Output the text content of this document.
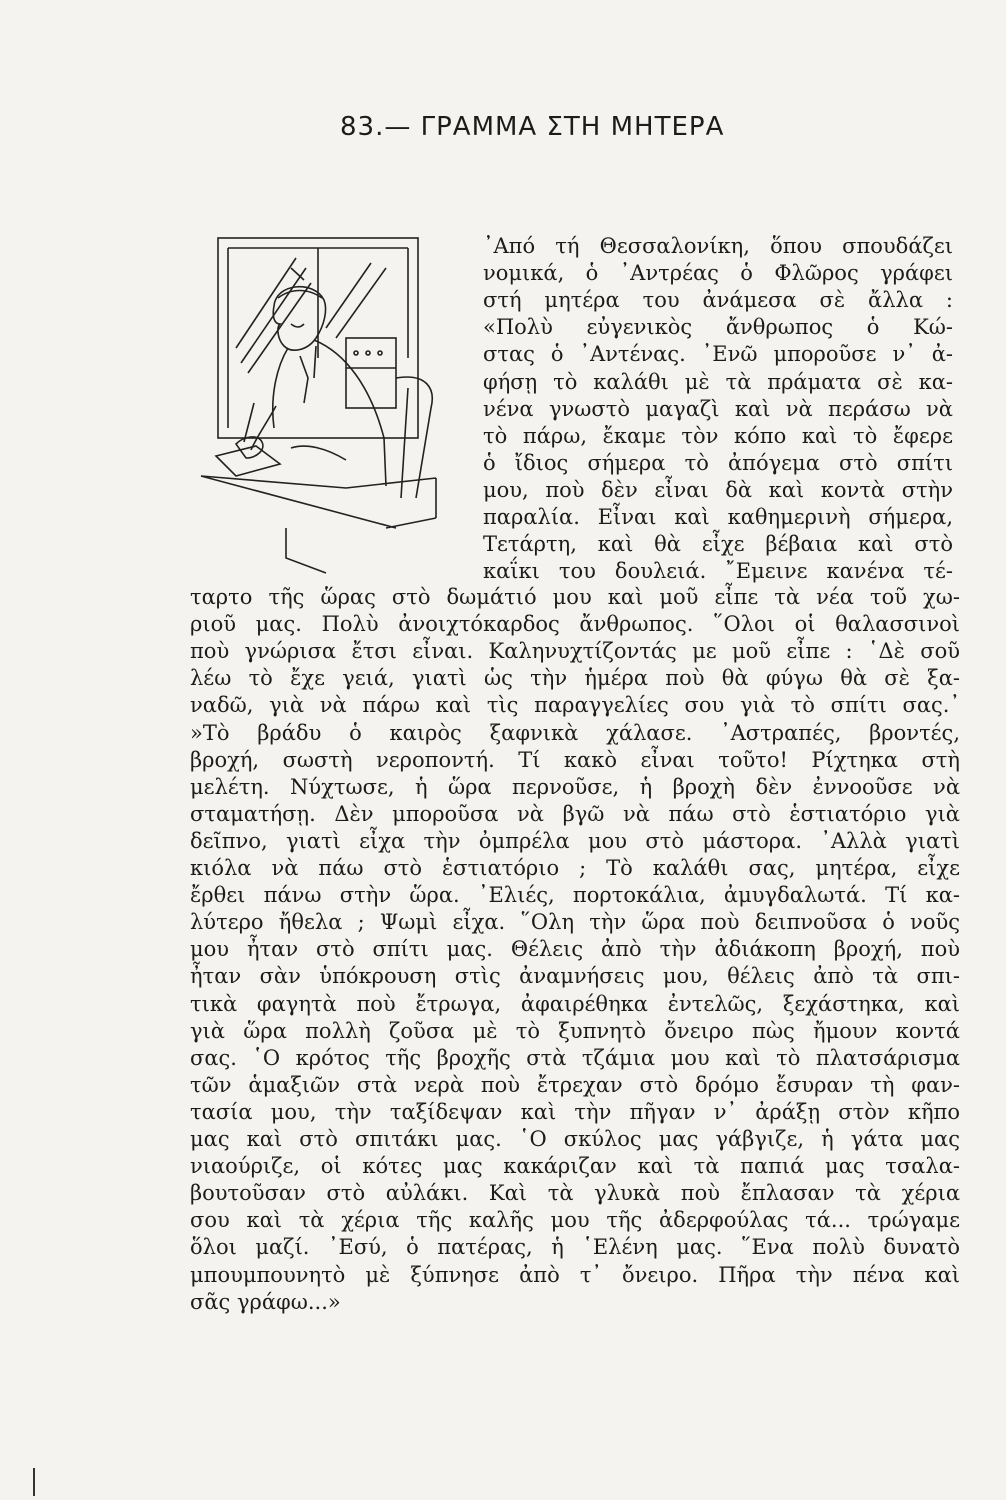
83.— ΓΡΑΜΜΑ ΣΤΗ ΜΗΤΕΡΑ
᾿Από τή Θεσσαλονίκη, ὅπου σπουδάζει
νομικά, ὁ ᾿Αντρέας ὁ Φλῶρος γράφει
στή μητέρα του ἀνάμεσα σὲ ἄλλα :
«Πολὺ εὐγενικὸς ἄνθρωπος ὁ Κώ-
στας ὁ ᾿Αντένας. ᾿Ενῶ μποροῦσε ν᾿ ἀ-
φήσῃ τὸ καλάθι μὲ τὰ πράματα σὲ κα-
νένα γνωστὸ μαγαζὶ καὶ νὰ περάσω νὰ
τὸ πάρω, ἔκαμε τὸν κόπο καὶ τὸ ἔφερε
ὁ ἴδιος σήμερα τὸ ἀπόγεμα στὸ σπίτι
μου, ποὺ δὲν εἶναι δὰ καὶ κοντὰ στὴν
παραλία. Εἶναι καὶ καθημερινὴ σήμερα,
Τετάρτη, καὶ θὰ εἶχε βέβαια καὶ στὸ
καΐκι του δουλειά. ῎Εμεινε κανένα τέ-
ταρτο τῆς ὥρας στὸ δωμάτιό μου καὶ μοῦ εἶπε τὰ νέα τοῦ χω-
ριοῦ μας. Πολὺ ἀνοιχτόκαρδος ἄνθρωπος. ῞Ολοι οἱ θαλασσινοὶ
ποὺ γνώρισα ἔτσι εἶναι. Καληνυχτίζοντάς με μοῦ εἶπε : ῾Δὲ σοῦ
λέω τὸ ἔχε γειά, γιατὶ ὡς τὴν ἡμέρα ποὺ θὰ φύγω θὰ σὲ ξα-
ναδῶ, γιὰ νὰ πάρω καὶ τὶς παραγγελίες σου γιὰ τὸ σπίτι σας.᾿
»Τὸ βράδυ ὁ καιρὸς ξαφνικὰ χάλασε. ᾿Αστραπές, βροντές,
βροχή, σωστὴ νεροποντή. Τί κακὸ εἶναι τοῦτο! Ρίχτηκα στὴ
μελέτη. Νύχτωσε, ἡ ὥρα περνοῦσε, ἡ βροχὴ δὲν ἐννοοῦσε νὰ
σταματήσῃ. Δὲν μποροῦσα νὰ βγῶ νὰ πάω στὸ ἑστιατόριο γιὰ
δεῖπνο, γιατὶ εἶχα τὴν ὀμπρέλα μου στὸ μάστορα. ᾿Αλλὰ γιατὶ
κιόλα νὰ πάω στὸ ἑστιατόριο ; Τὸ καλάθι σας, μητέρα, εἶχε
ἔρθει πάνω στὴν ὥρα. ᾿Ελιές, πορτοκάλια, ἀμυγδαλωτά. Τί κα-
λύτερο ἤθελα ; Ψωμὶ εἶχα. ῞Ολη τὴν ὥρα ποὺ δειπνοῦσα ὁ νοῦς
μου ἦταν στὸ σπίτι μας. Θέλεις ἀπὸ τὴν ἀδιάκοπη βροχή, ποὺ
ἦταν σὰν ὑπόκρουση στὶς ἀναμνήσεις μου, θέλεις ἀπὸ τὰ σπι-
τικὰ φαγητὰ ποὺ ἔτρωγα, ἀφαιρέθηκα ἐντελῶς, ξεχάστηκα, καὶ
γιὰ ὥρα πολλὴ ζοῦσα μὲ τὸ ξυπνητὸ ὄνειρο πὼς ἤμουν κοντά
σας. ῾Ο κρότος τῆς βροχῆς στὰ τζάμια μου καὶ τὸ πλατσάρισμα
τῶν ἁμαξιῶν στὰ νερὰ ποὺ ἔτρεχαν στὸ δρόμο ἔσυραν τὴ φαν-
τασία μου, τὴν ταξίδεψαν καὶ τὴν πῆγαν ν᾿ ἀράξῃ στὸν κῆπο
μας καὶ στὸ σπιτάκι μας. ῾Ο σκύλος μας γάβγιζε, ἡ γάτα μας
νιαούριζε, οἱ κότες μας κακάριζαν καὶ τὰ παπιά μας τσαλα-
βουτοῦσαν στὸ αὐλάκι. Καὶ τὰ γλυκὰ ποὺ ἔπλασαν τὰ χέρια
σου καὶ τὰ χέρια τῆς καλῆς μου τῆς ἀδερφούλας τά... τρώγαμε
ὅλοι μαζί. ᾿Εσύ, ὁ πατέρας, ἡ ῾Ελένη μας. ῞Ενα πολὺ δυνατὸ
μπουμπουνητὸ μὲ ξύπνησε ἀπὸ τ᾿ ὄνειρο. Πῆρα τὴν πένα καὶ
σᾶς γράφω...»
